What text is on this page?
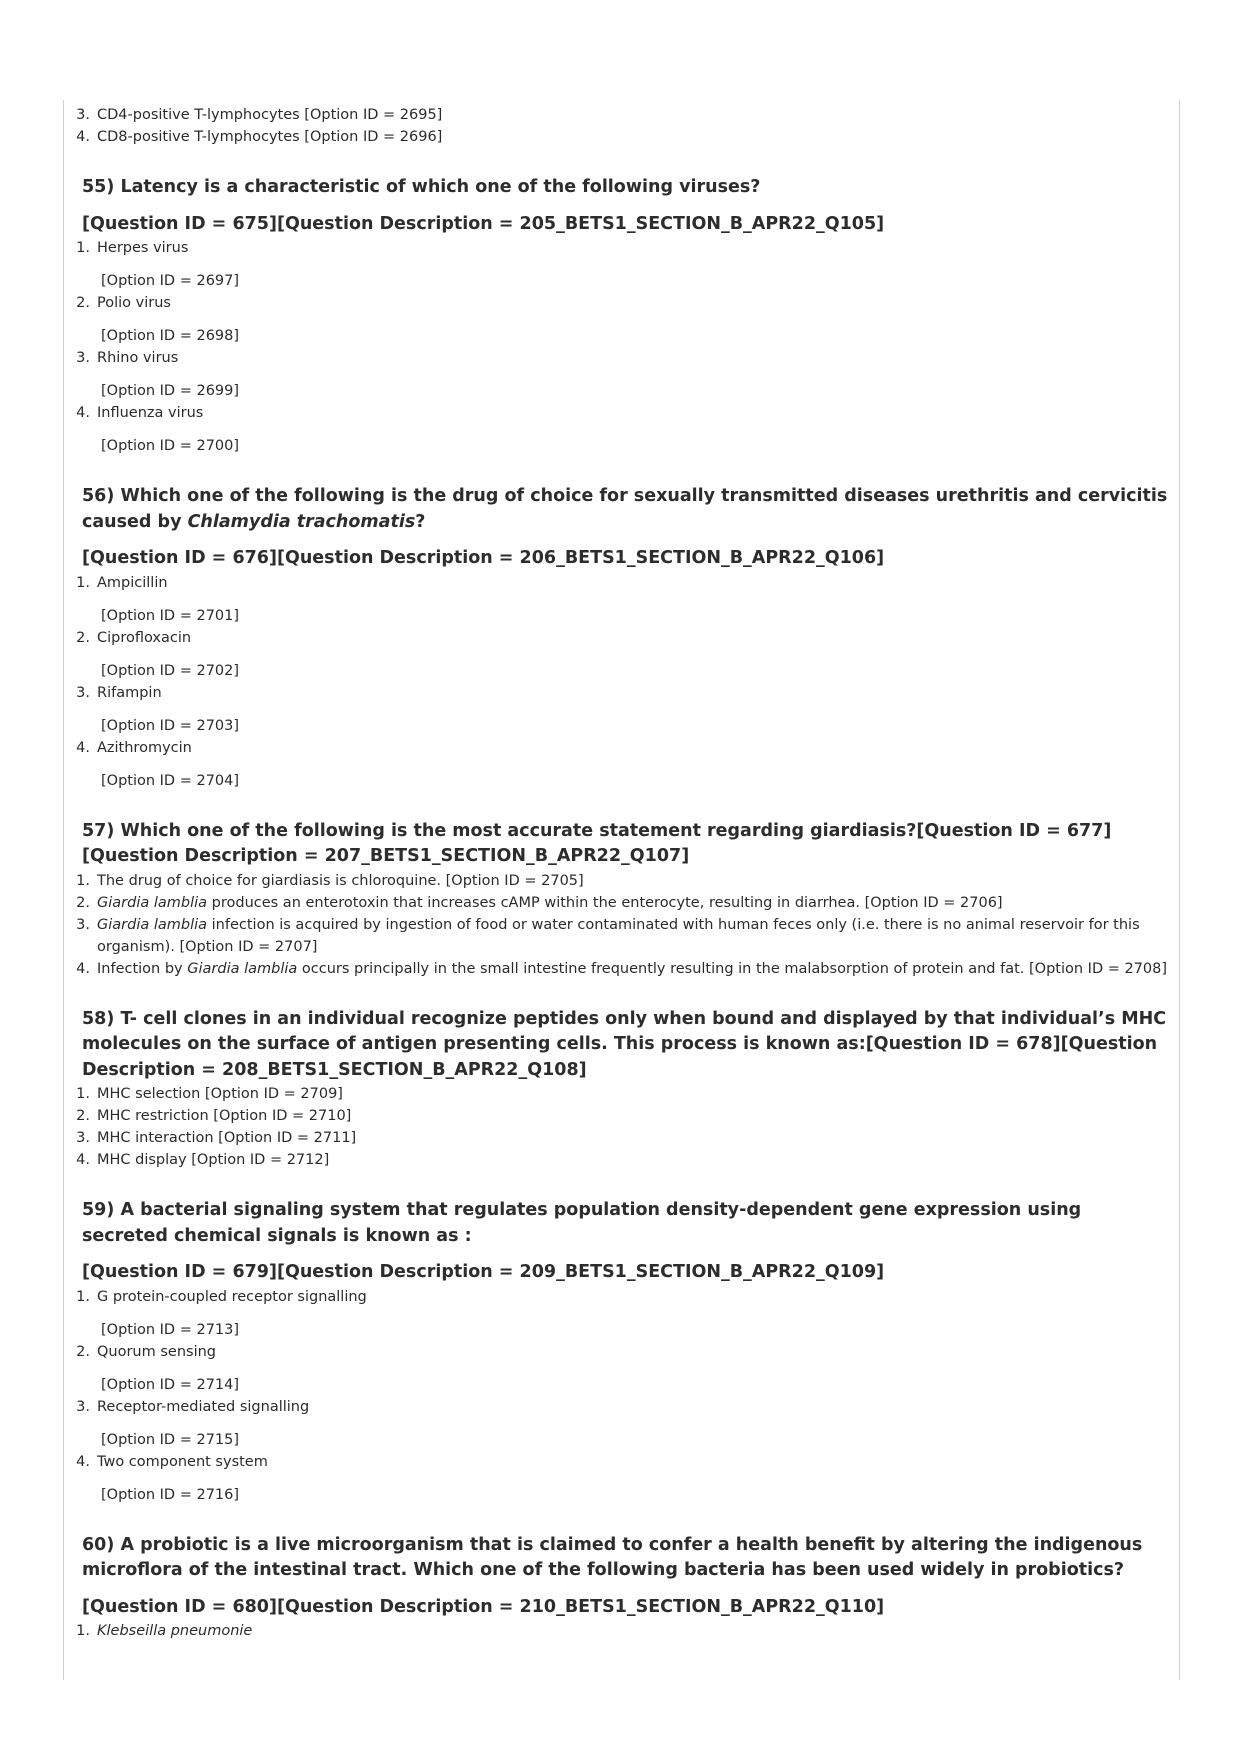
3. CD4-positive T-lymphocytes [Option ID = 2695]
4. CD8-positive T-lymphocytes [Option ID = 2696]
55) Latency is a characteristic of which one of the following viruses?
[Question ID = 675][Question Description = 205_BETS1_SECTION_B_APR22_Q105]
1. Herpes virus
[Option ID = 2697]
2. Polio virus
[Option ID = 2698]
3. Rhino virus
[Option ID = 2699]
4. Influenza virus
[Option ID = 2700]
56) Which one of the following is the drug of choice for sexually transmitted diseases urethritis and cervicitis caused by Chlamydia trachomatis?
[Question ID = 676][Question Description = 206_BETS1_SECTION_B_APR22_Q106]
1. Ampicillin
[Option ID = 2701]
2. Ciprofloxacin
[Option ID = 2702]
3. Rifampin
[Option ID = 2703]
4. Azithromycin
[Option ID = 2704]
57) Which one of the following is the most accurate statement regarding giardiasis?[Question ID = 677][Question Description = 207_BETS1_SECTION_B_APR22_Q107]
1. The drug of choice for giardiasis is chloroquine. [Option ID = 2705]
2. Giardia lamblia produces an enterotoxin that increases cAMP within the enterocyte, resulting in diarrhea. [Option ID = 2706]
3. Giardia lamblia infection is acquired by ingestion of food or water contaminated with human feces only (i.e. there is no animal reservoir for this organism). [Option ID = 2707]
4. Infection by Giardia lamblia occurs principally in the small intestine frequently resulting in the malabsorption of protein and fat. [Option ID = 2708]
58) T- cell clones in an individual recognize peptides only when bound and displayed by that individual’s MHC molecules on the surface of antigen presenting cells. This process is known as:[Question ID = 678][Question Description = 208_BETS1_SECTION_B_APR22_Q108]
1. MHC selection [Option ID = 2709]
2. MHC restriction [Option ID = 2710]
3. MHC interaction [Option ID = 2711]
4. MHC display [Option ID = 2712]
59) A bacterial signaling system that regulates population density-dependent gene expression using secreted chemical signals is known as :
[Question ID = 679][Question Description = 209_BETS1_SECTION_B_APR22_Q109]
1. G protein-coupled receptor signalling
[Option ID = 2713]
2. Quorum sensing
[Option ID = 2714]
3. Receptor-mediated signalling
[Option ID = 2715]
4. Two component system
[Option ID = 2716]
60) A probiotic is a live microorganism that is claimed to confer a health benefit by altering the indigenous microflora of the intestinal tract. Which one of the following bacteria has been used widely in probiotics?
[Question ID = 680][Question Description = 210_BETS1_SECTION_B_APR22_Q110]
1. Klebseilla pneumonie
